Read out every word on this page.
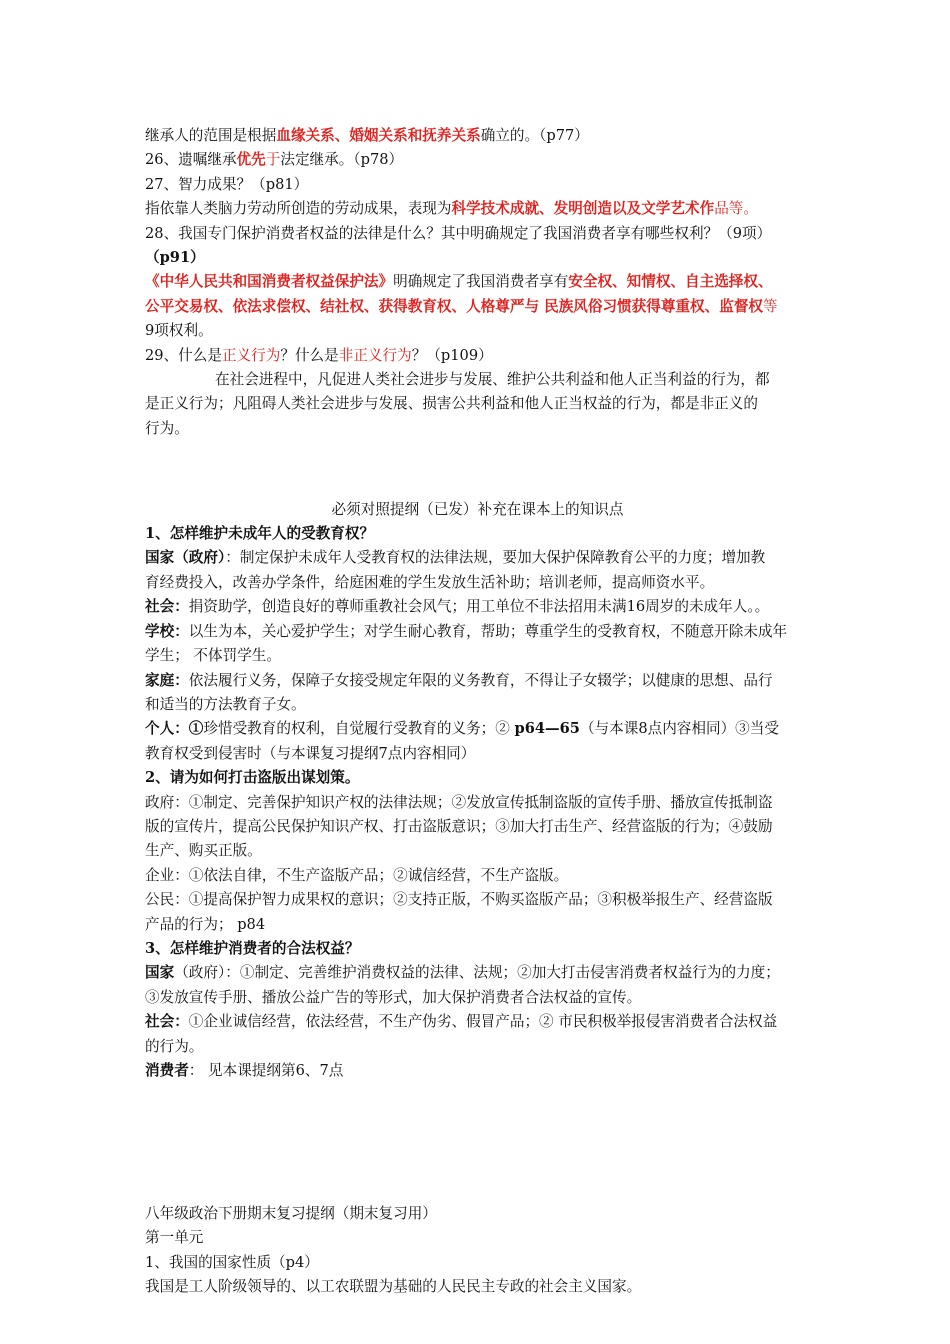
继承人的范围是根据血缘关系、婚姻关系和抚养关系确立的。（p77）

26、遗嘱继承优先于法定继承。（p78）

27、智力成果？（p81）

指依靠人类脑力劳动所创造的劳动成果，表现为科学技术成就、发明创造以及文学艺术作品等。

28、我国专门保护消费者权益的法律是什么？其中明确规定了我国消费者享有哪些权利？（9项）

（p91）

《中华人民共和国消费者权益保护法》明确规定了我国消费者享有安全权、知情权、自主选择权、

公平交易权、依法求偿权、结社权、获得教育权、人格尊严与 民族风俗习惯获得尊重权、监督权等

9项权利。

29、什么是正义行为？什么是非正义行为？（p109）

在社会进程中，凡促进人类社会进步与发展、维护公共利益和他人正当利益的行为，都

是正义行为；凡阻碍人类社会进步与发展、损害公共利益和他人正当权益的行为，都是非正义的

行为。

必须对照提纲（已发）补充在课本上的知识点

1、怎样维护未成年人的受教育权？

国家（政府）：制定保护未成年人受教育权的法律法规，要加大保护保障教育公平的力度；增加教

育经费投入，改善办学条件，给庭困难的学生发放生活补助；培训老师，提高师资水平。

社会：捐资助学，创造良好的尊师重教社会风气；用工单位不非法招用未满16周岁的未成年人。。

学校：以生为本，关心爱护学生；对学生耐心教育，帮助；尊重学生的受教育权，不随意开除未成年

学生； 不体罚学生。

家庭：依法履行义务，保障子女接受规定年限的义务教育，不得让子女辍学；以健康的思想、品行

和适当的方法教育子女。

个人：①珍惜受教育的权利，自觉履行受教育的义务；② p64—65（与本课8点内容相同）③当受

教育权受到侵害时（与本课复习提纲7点内容相同）

2、请为如何打击盗版出谋划策。

政府：①制定、完善保护知识产权的法律法规；②发放宣传抵制盗版的宣传手册、播放宣传抵制盗

版的宣传片，提高公民保护知识产权、打击盗版意识；③加大打击生产、经营盗版的行为；④鼓励

生产、购买正版。

企业：①依法自律，不生产盗版产品；②诚信经营，不生产盗版。

公民：①提高保护智力成果权的意识；②支持正版，不购买盗版产品；③积极举报生产、经营盗版

产品的行为； p84

3、怎样维护消费者的合法权益？

国家（政府）：①制定、完善维护消费权益的法律、法规；②加大打击侵害消费者权益行为的力度；

③发放宣传手册、播放公益广告的等形式，加大保护消费者合法权益的宣传。

社会：①企业诚信经营，依法经营，不生产伪劣、假冒产品；② 市民积极举报侵害消费者合法权益

的行为。

消费者： 见本课提纲第6、7点

八年级政治下册期末复习提纲（期末复习用）

第一单元

1、我国的国家性质（p4）

我国是工人阶级领导的、以工农联盟为基础的人民民主专政的社会主义国家。
